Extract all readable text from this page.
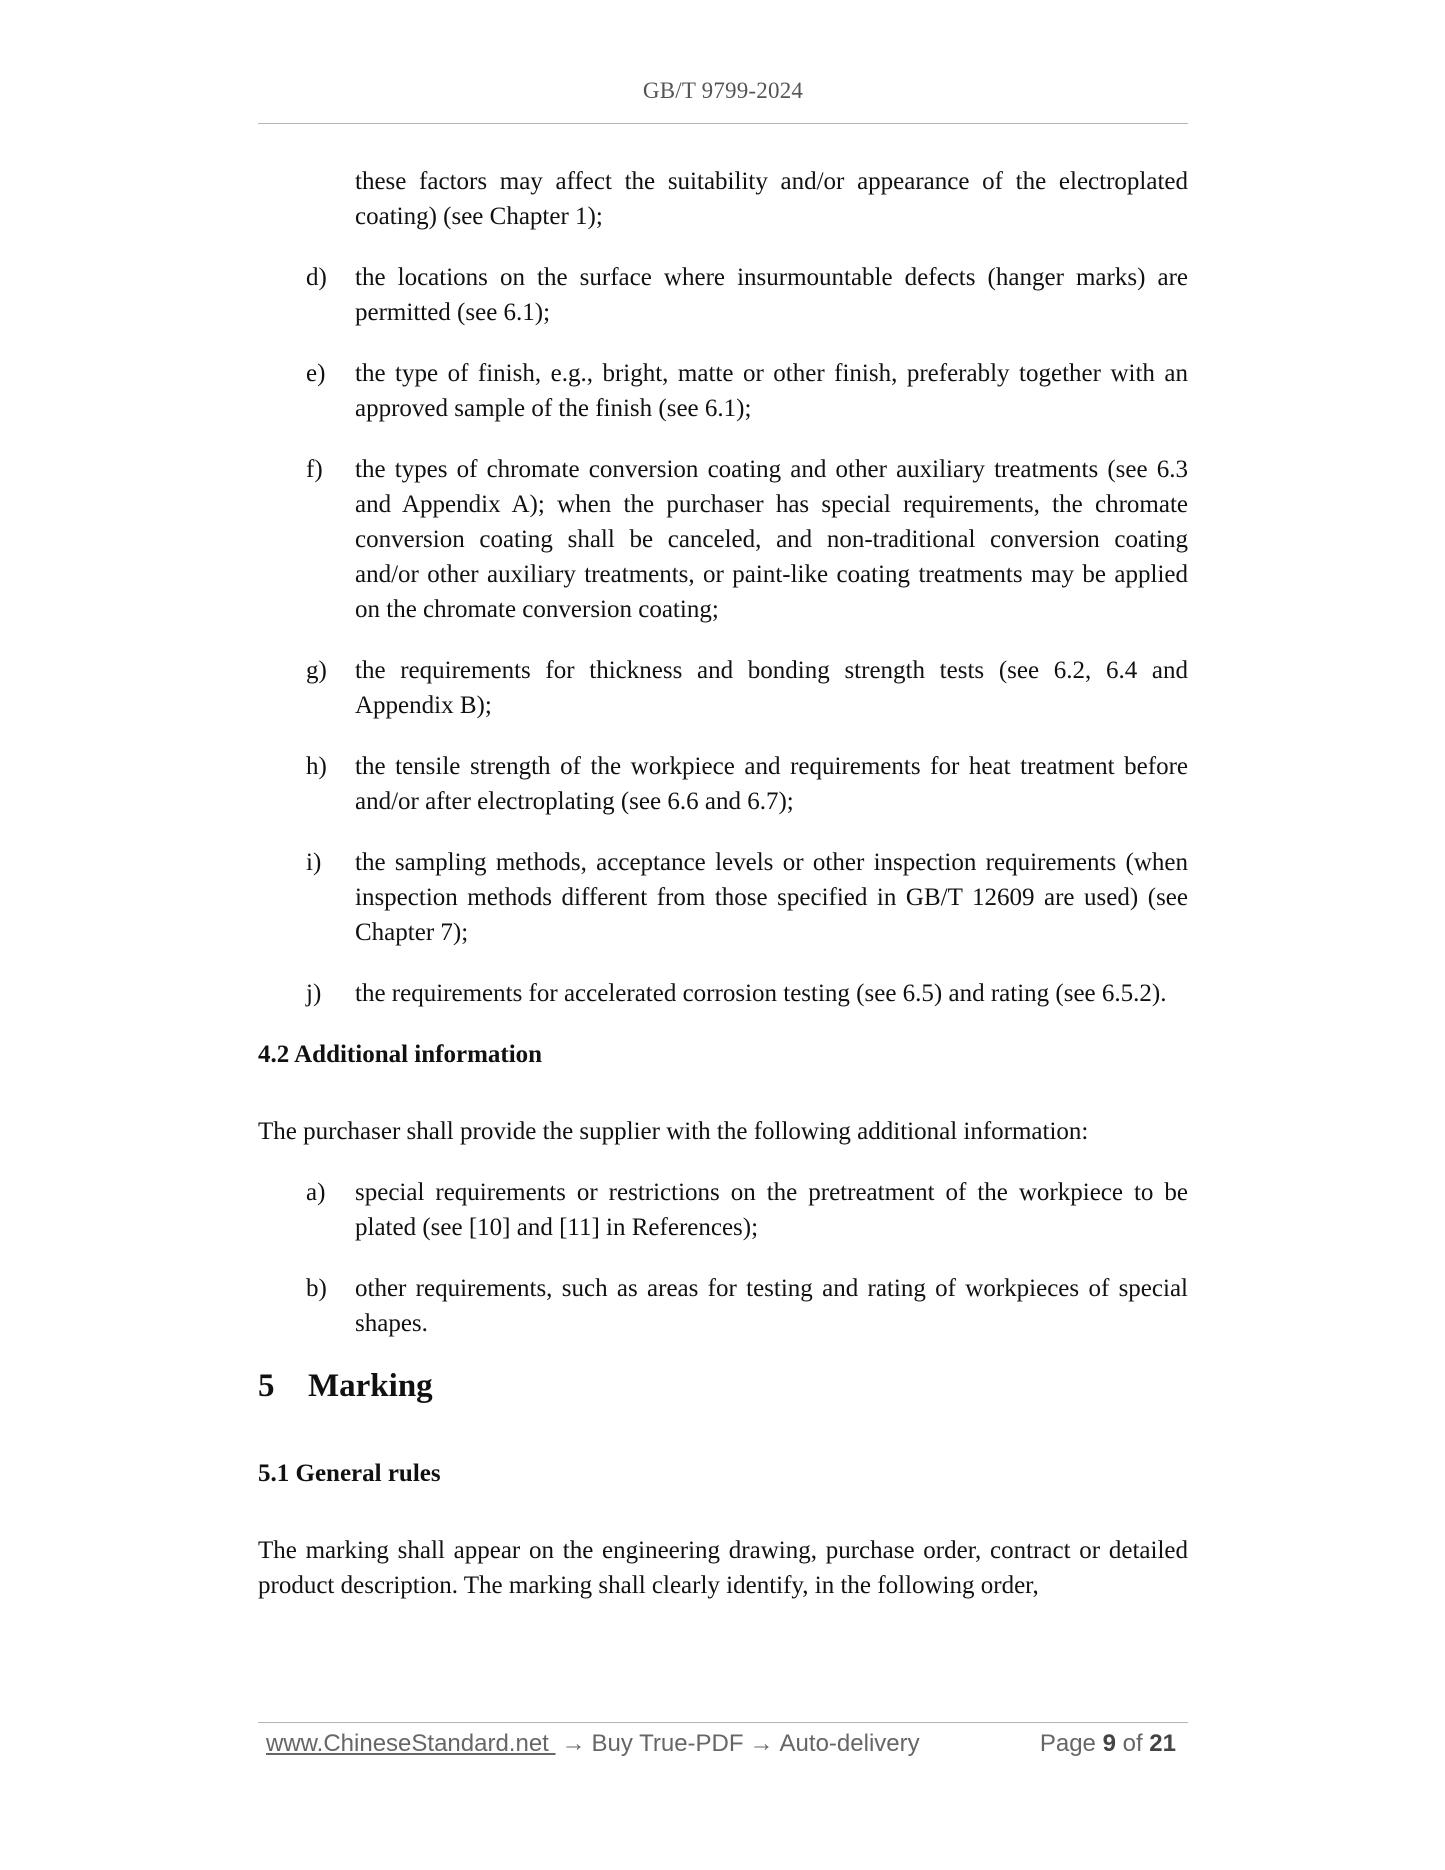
GB/T 9799-2024
these factors may affect the suitability and/or appearance of the electroplated coating) (see Chapter 1);
d) the locations on the surface where insurmountable defects (hanger marks) are permitted (see 6.1);
e) the type of finish, e.g., bright, matte or other finish, preferably together with an approved sample of the finish (see 6.1);
f) the types of chromate conversion coating and other auxiliary treatments (see 6.3 and Appendix A); when the purchaser has special requirements, the chromate conversion coating shall be canceled, and non-traditional conversion coating and/or other auxiliary treatments, or paint-like coating treatments may be applied on the chromate conversion coating;
g) the requirements for thickness and bonding strength tests (see 6.2, 6.4 and Appendix B);
h) the tensile strength of the workpiece and requirements for heat treatment before and/or after electroplating (see 6.6 and 6.7);
i) the sampling methods, acceptance levels or other inspection requirements (when inspection methods different from those specified in GB/T 12609 are used) (see Chapter 7);
j) the requirements for accelerated corrosion testing (see 6.5) and rating (see 6.5.2).
4.2 Additional information
The purchaser shall provide the supplier with the following additional information:
a) special requirements or restrictions on the pretreatment of the workpiece to be plated (see [10] and [11] in References);
b) other requirements, such as areas for testing and rating of workpieces of special shapes.
5 Marking
5.1 General rules
The marking shall appear on the engineering drawing, purchase order, contract or detailed product description. The marking shall clearly identify, in the following order,
www.ChineseStandard.net → Buy True-PDF → Auto-delivery	Page 9 of 21
